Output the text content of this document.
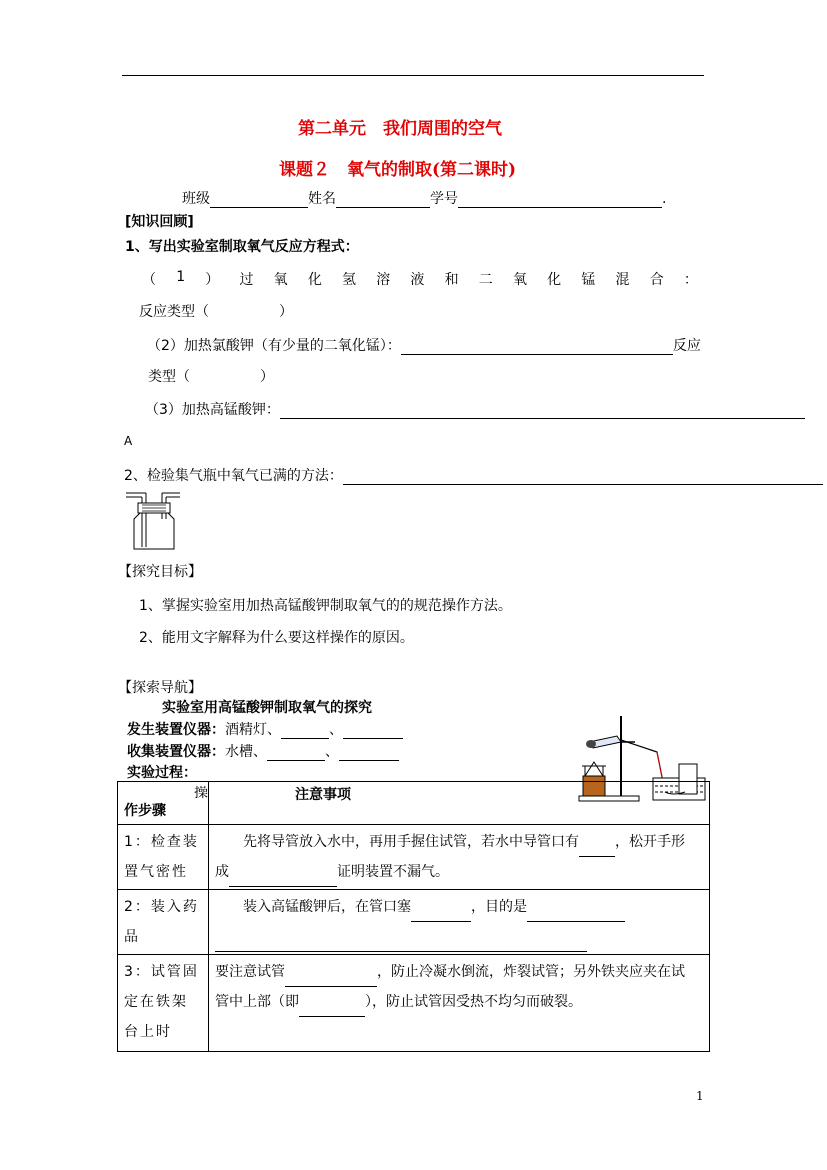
第二单元　我们周围的空气
课题２　氧气的制取(第二课时)
班级	姓名	学号	.
[知识回顾]
1、写出实验室制取氧气反应方程式：
（ 1 ） 过 氧 化 氢 溶 液 和 二 氧 化 锰 混 合 ：
反应类型（　　　　　）
（2）加热氯酸钾（有少量的二氧化锰）：	反应
类型（　　　　　）
（3）加热高锰酸钾：
A
2、检验集气瓶中氧气已满的方法：
【探究目标】
1、掌握实验室用加热高锰酸钾制取氧气的的规范操作方法。
2、能用文字解释为什么要这样操作的原因。
【探索导航】
实验室用高锰酸钾制取氧气的探究
发生装置仪器：酒精灯、	、
收集装置仪器：水槽、	、
实验过程：
操
作步骤	注意事项
1：检查装置气密性	先将导管放入水中，再用手握住试管，若水中导管口有 ，松开手形
成 证明装置不漏气。

2：装入药品	装入高锰酸钾后，在管口塞 ，目的是

3：试管固定在铁架台上时	要注意试管 ，防止冷凝水倒流，炸裂试管；另外铁夹应夹在试
管中上部（即 ），防止试管因受热不均匀而破裂。
1
